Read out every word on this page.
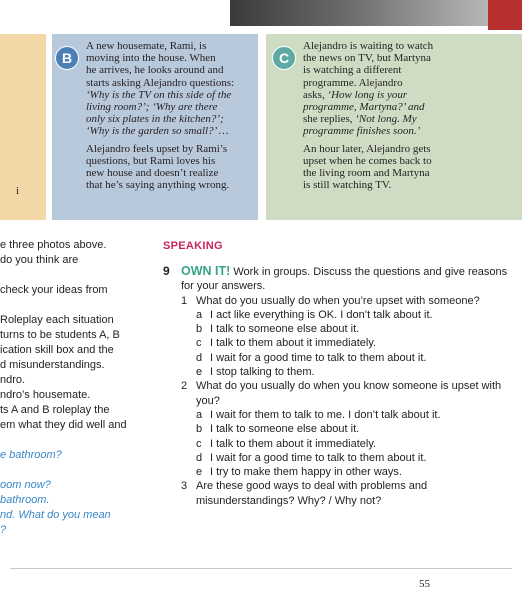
i
B

A new housemate, Rami, is
moving into the house. When
he arrives, he looks around and
starts asking Alejandro questions:
‘Why is the TV on this side of the
living room?’; ‘Why are there
only six plates in the kitchen?’;
‘Why is the garden so small?’ …

Alejandro feels upset by Rami’s
questions, but Rami loves his
new house and doesn’t realize
that he’s saying anything wrong.

C

Alejandro is waiting to watch
the news on TV, but Martyna
is watching a different
programme. Alejandro
asks, ‘How long is your
programme, Martyna?’ and
she replies, ‘Not long. My
programme finishes soon.’

An hour later, Alejandro gets
upset when he comes back to
the living room and Martyna
is still watching TV.

e three photos above.
do you think are
check your ideas from
Roleplay each situation
turns to be students A, B
ication skill box and the
d misunderstandings.
ndro.
ndro’s housemate.
ts A and B roleplay the
em what they did well and
e bathroom?
oom now?
bathroom.
nd. What do you mean
?
SPEAKING
9 OWN IT! Work in groups. Discuss the questions and give reasons for your answers.
1 What do you usually do when you’re upset with someone?
a I act like everything is OK. I don’t talk about it.
b I talk to someone else about it.
c I talk to them about it immediately.
d I wait for a good time to talk to them about it.
e I stop talking to them.
2 What do you usually do when you know someone is upset with you?
a I wait for them to talk to me. I don’t talk about it.
b I talk to someone else about it.
c I talk to them about it immediately.
d I wait for a good time to talk to them about it.
e I try to make them happy in other ways.
3 Are these good ways to deal with problems and misunderstandings? Why? / Why not?
55
